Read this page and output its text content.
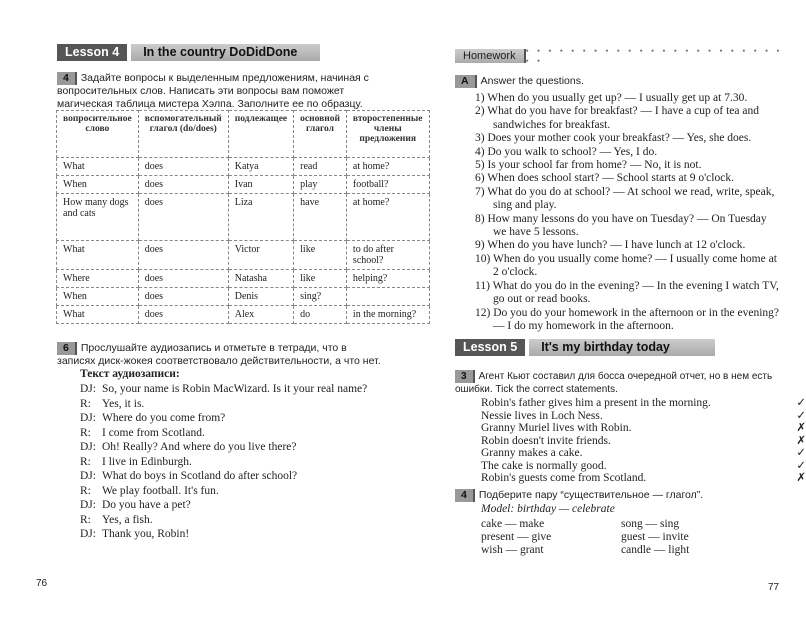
Lesson 4	In the country DoDidDone
4 Задайте вопросы к выделенным предложениям, начиная с вопросительных слов. Написать эти вопросы вам поможет магическая таблица мистера Хэлпа. Заполните ее по образцу.
вопросительное слово	вспомогательный глагол (do/does)	подлежащее	основной глагол	второстепенные члены предложения
What	does	Katya	read	at home?
When	does	Ivan	play	football?
How many dogs and cats	does	Liza	have	at home?
What	does	Victor	like	to do after school?
Where	does	Natasha	like	helping?
When	does	Denis	sing?	
What	does	Alex	do	in the morning?
6 Прослушайте аудиозапись и отметьте в тетради, что в записях диск-жокея соответствовало действительности, а что нет.
Текст аудиозаписи:
DJ: So, your name is Robin MacWizard. Is it your real name?
R: Yes, it is.
DJ: Where do you come from?
R: I come from Scotland.
DJ: Oh! Really? And where do you live there?
R: I live in Edinburgh.
DJ: What do boys in Scotland do after school?
R: We play football. It's fun.
DJ: Do you have a pet?
R: Yes, a fish.
DJ: Thank you, Robin!
76
Homework	• • • • • • • • • • • • • • • • • • • • • • • • •
A Answer the questions.
1) When do you usually get up? — I usually get up at 7.30.
2) What do you have for breakfast? — I have a cup of tea and sandwiches for breakfast.
3) Does your mother cook your breakfast? — Yes, she does.
4) Do you walk to school? — Yes, I do.
5) Is your school far from home? — No, it is not.
6) When does school start? — School starts at 9 o'clock.
7) What do you do at school? — At school we read, write, speak, sing and play.
8) How many lessons do you have on Tuesday? — On Tuesday we have 5 lessons.
9) When do you have lunch? — I have lunch at 12 o'clock.
10) When do you usually come home? — I usually come home at 2 o'clock.
11) What do you do in the evening? — In the evening I watch TV, go out or read books.
12) Do you do your homework in the afternoon or in the evening? — I do my homework in the afternoon.
Lesson 5	It's my birthday today
3 Агент Кьют составил для босса очередной отчет, но в нем есть ошибки. Tick the correct statements.
Robin's father gives him a present in the morning.	✓
Nessie lives in Loch Ness.	✓
Granny Muriel lives with Robin.	✗
Robin doesn't invite friends.	✗
Granny makes a cake.	✓
The cake is normally good.	✓
Robin's guests come from Scotland.	✗
4 Подберите пару “существительное — глагол”.
Model: birthday — celebrate
cake — make	song — sing
present — give	guest — invite
wish — grant	candle — light
77
